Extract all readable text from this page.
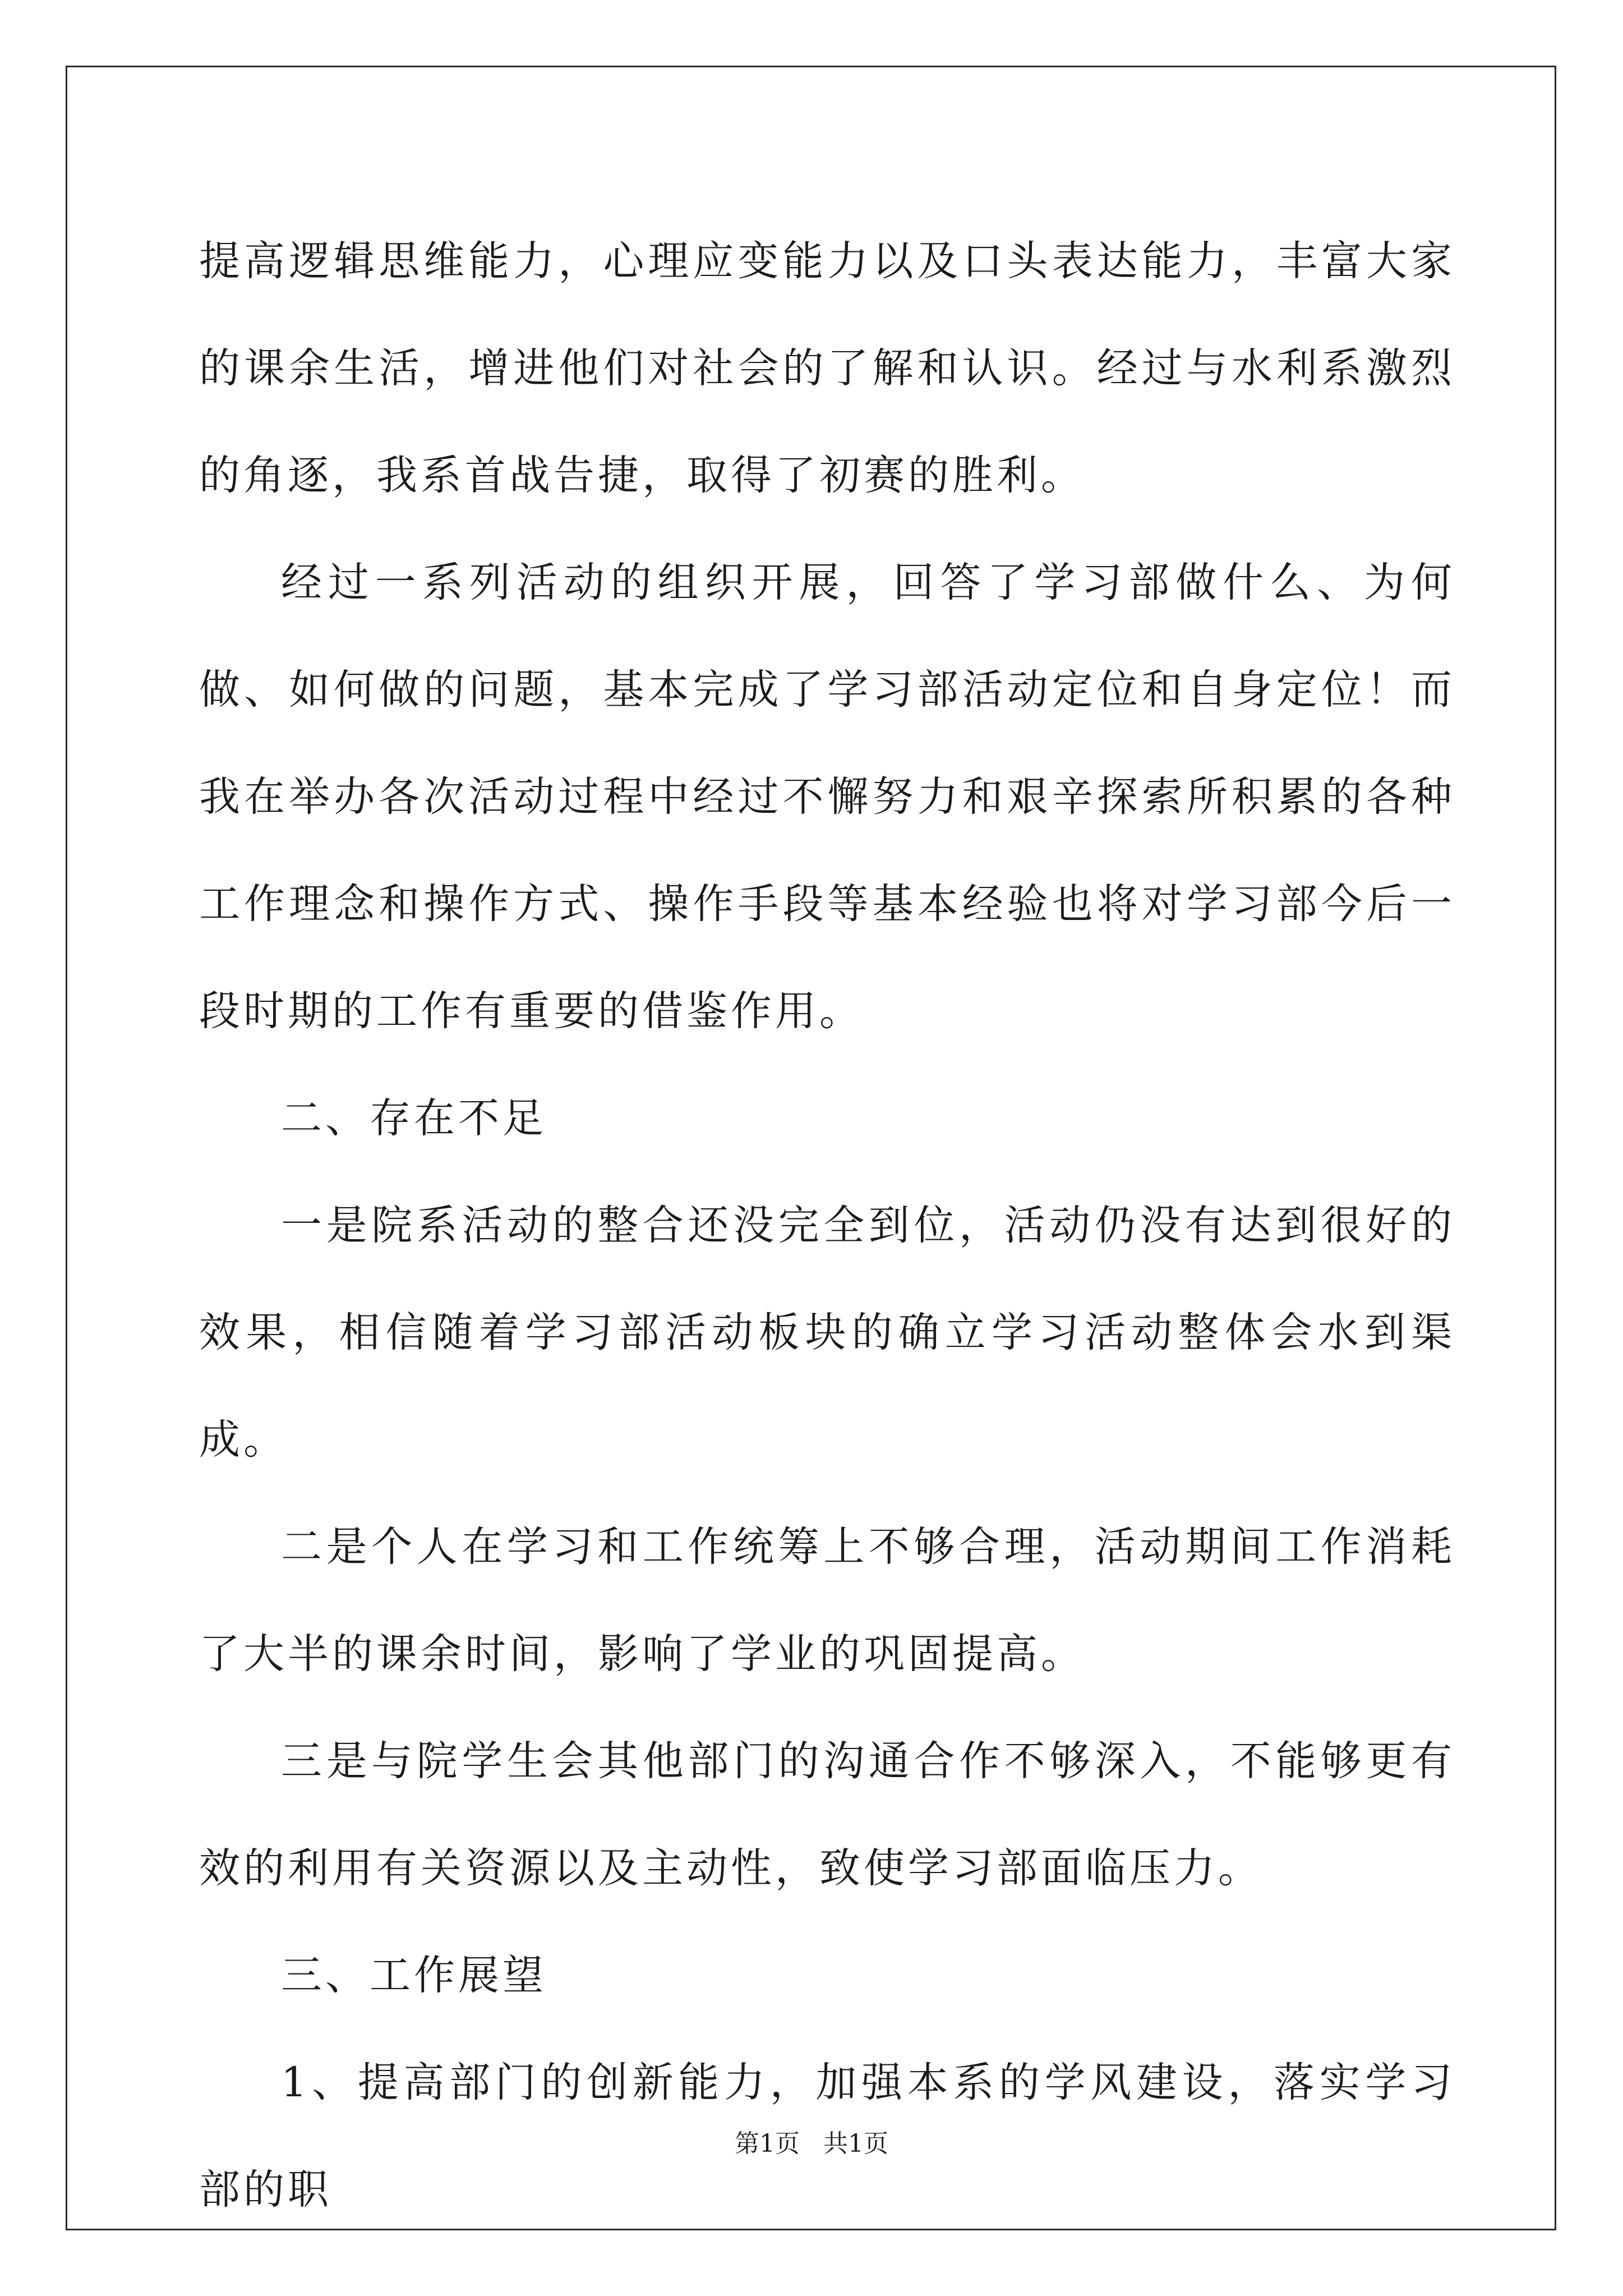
提高逻辑思维能力，心理应变能力以及口头表达能力，丰富大家的课余生活，增进他们对社会的了解和认识。经过与水利系激烈的角逐，我系首战告捷，取得了初赛的胜利。

经过一系列活动的组织开展，回答了学习部做什么、为何做、如何做的问题，基本完成了学习部活动定位和自身定位！而我在举办各次活动过程中经过不懈努力和艰辛探索所积累的各种工作理念和操作方式、操作手段等基本经验也将对学习部今后一段时期的工作有重要的借鉴作用。

二、存在不足

一是院系活动的整合还没完全到位，活动仍没有达到很好的效果，相信随着学习部活动板块的确立学习活动整体会水到渠成。

二是个人在学习和工作统筹上不够合理，活动期间工作消耗了大半的课余时间，影响了学业的巩固提高。

三是与院学生会其他部门的沟通合作不够深入，不能够更有效的利用有关资源以及主动性，致使学习部面临压力。

三、工作展望

1、提高部门的创新能力，加强本系的学风建设，落实学习部的职

第1页   共1页
